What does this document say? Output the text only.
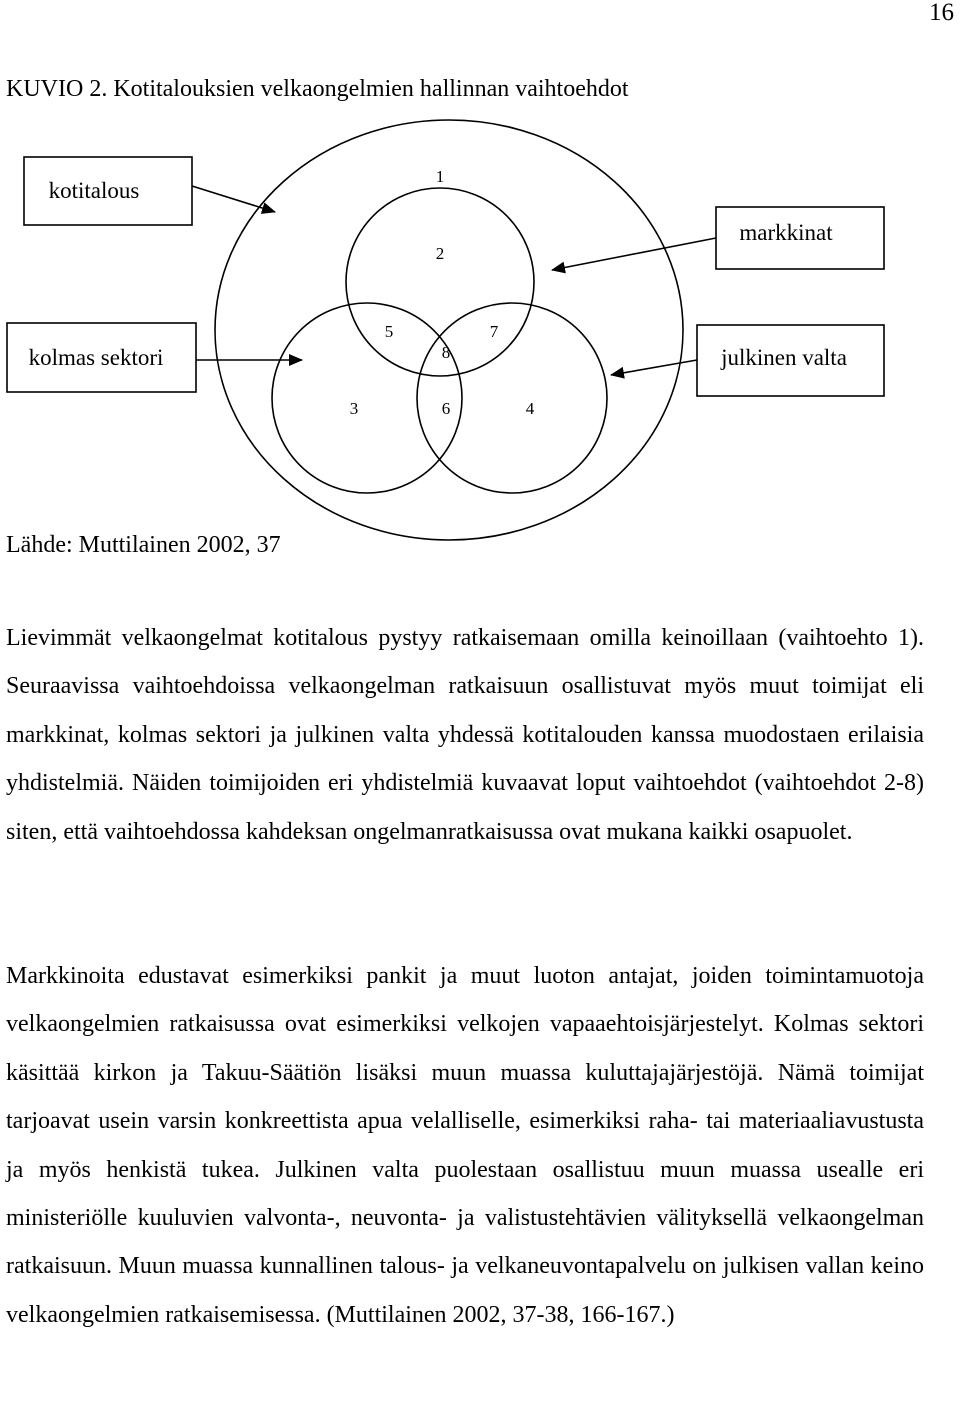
16
KUVIO 2. Kotitalouksien velkaongelmien hallinnan vaihtoehdot
kotitalous
markkinat
kolmas sektori	julkinen valta
1
2
5	7
8
3	6	4
Lähde: Muttilainen 2002, 37

Lievimmät velkaongelmat kotitalous pystyy ratkaisemaan omilla keinoillaan (vaihtoehto 1). Seuraavissa vaihtoehdoissa velkaongelman ratkaisuun osallistuvat myös muut toimijat eli markkinat, kolmas sektori ja julkinen valta yhdessä kotitalouden kanssa muodostaen erilaisia yhdistelmiä. Näiden toimijoiden eri yhdistelmiä kuvaavat loput vaihtoehdot (vaihtoehdot 2-8) siten, että vaihtoehdossa kahdeksan ongelmanratkaisussa ovat mukana kaikki osapuolet.

Markkinoita edustavat esimerkiksi pankit ja muut luoton antajat, joiden toimintamuotoja velkaongelmien ratkaisussa ovat esimerkiksi velkojen vapaaehtoisjärjestelyt. Kolmas sektori käsittää kirkon ja Takuu-Säätiön lisäksi muun muassa kuluttajajärjestöjä. Nämä toimijat tarjoavat usein varsin konkreettista apua velalliselle, esimerkiksi raha- tai materiaaliavustusta ja myös henkistä tukea. Julkinen valta puolestaan osallistuu muun muassa usealle eri ministeriölle kuuluvien valvonta-, neuvonta- ja valistustehtävien välityksellä velkaongelman ratkaisuun. Muun muassa kunnallinen talous- ja velkaneuvontapalvelu on julkisen vallan keino velkaongelmien ratkaisemisessa. (Muttilainen 2002, 37-38, 166-167.)
